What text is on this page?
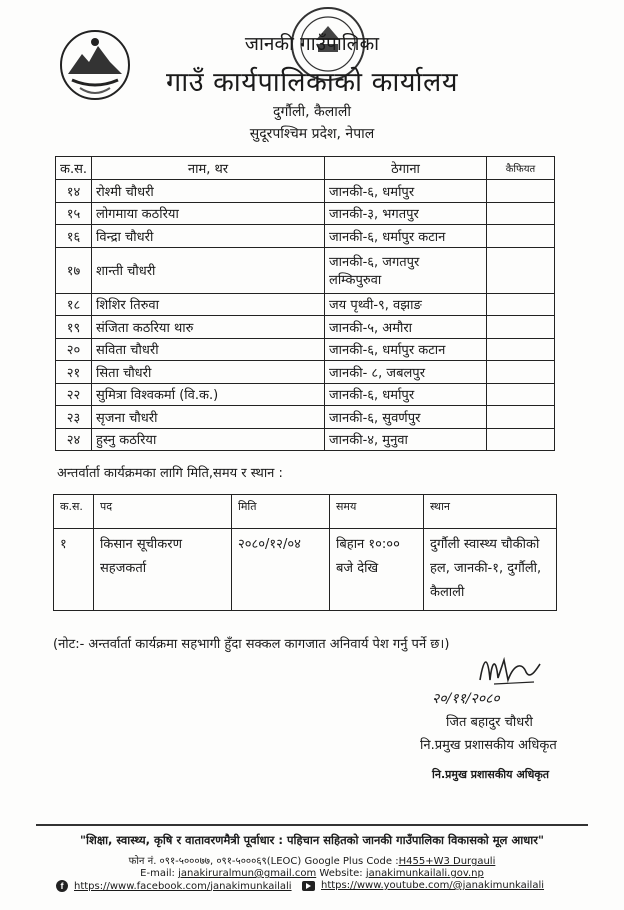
जानकी गाउँपालिका
गाउँ कार्यपालिकाको कार्यालय
दुर्गौली, कैलाली
सुदूरपश्चिम प्रदेश, नेपाल
क.स.	नाम, थर	ठेगाना	कैफियत
१४	रोश्मी चौधरी	जानकी-६, धर्मापुर	
१५	लोगमाया कठरिया	जानकी-३, भगतपुर	
१६	विन्द्रा चौधरी	जानकी-६, धर्मापुर कटान	
१७	शान्ती चौधरी	जानकी-६, जगतपुर
लम्किपुरुवा	

१८	शिशिर तिरुवा	जय पृथ्वी-९, वझाङ	
१९	संजिता कठरिया थारु	जानकी-५, अमौरा	
२०	सविता चौधरी	जानकी-६, धर्मापुर कटान	
२१	सिता चौधरी	जानकी- ८, जबलपुर	
२२	सुमित्रा विश्वकर्मा (वि.क.)	जानकी-६, धर्मापुर	
२३	सृजना चौधरी	जानकी-६, सुवर्णपुर	
२४	हुस्नु कठरिया	जानकी-४, मुनुवा	
अन्तर्वार्ता कार्यक्रमका लागि मिति,समय र स्थान :
क.स.	पद	मिति	समय	स्थान
१	किसान सूचीकरण सहजकर्ता	२०८०/१२/०४	बिहान १०:०० बजे देखि	दुर्गौली स्वास्थ्य चौकीको हल, जानकी-१, दुर्गौली, कैलाली
(नोट:- अन्तर्वार्ता कार्यक्रमा सहभागी हुँदा सक्कल कागजात अनिवार्य पेश गर्नु पर्ने छ।)
२०/११/२०८०
जित बहादुर चौधरी
नि.प्रमुख प्रशासकीय अधिकृत
नि.प्रमुख प्रशासकीय अधिकृत
"शिक्षा, स्वास्थ्य, कृषि र वातावरणमैत्री पूर्वाधार : पहिचान सहितको जानकी गाउँपालिका विकासको मूल आधार"
फोन नं. ०९१-५०००७७, ०९१-५०००६९(LEOC) Google Plus Code :H455+W3 Durgauli
E-mail: janakiruralmun@gmail.com Website: janakimunkailali.gov.np
f	https://www.facebook.com/janakimunkailali	https://www.youtube.com/@janakimunkailali
